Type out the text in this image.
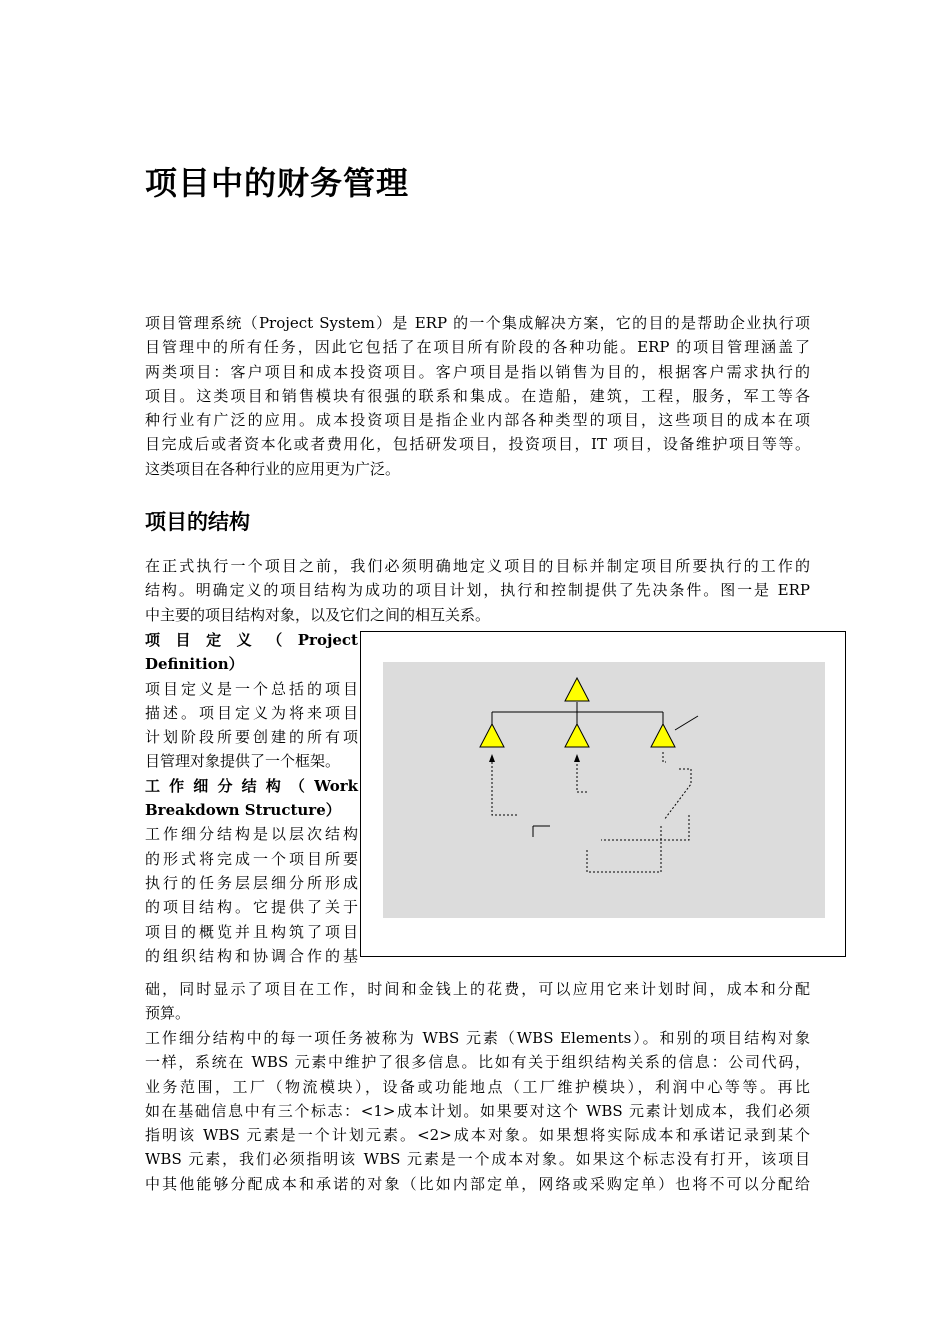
项目中的财务管理
项目管理系统（Project System）是 ERP 的一个集成解决方案，它的目的是帮助企业执行项
目管理中的所有任务，因此它包括了在项目所有阶段的各种功能。ERP 的项目管理涵盖了
两类项目：客户项目和成本投资项目。客户项目是指以销售为目的，根据客户需求执行的
项目。这类项目和销售模块有很强的联系和集成。在造船，建筑，工程，服务，军工等各
种行业有广泛的应用。成本投资项目是指企业内部各种类型的项目，这些项目的成本在项
目完成后或者资本化或者费用化，包括研发项目，投资项目，IT 项目，设备维护项目等等。
这类项目在各种行业的应用更为广泛。
项目的结构
在正式执行一个项目之前，我们必须明确地定义项目的目标并制定项目所要执行的工作的
结构。明确定义的项目结构为成功的项目计划，执行和控制提供了先决条件。图一是 ERP
中主要的项目结构对象，以及它们之间的相互关系。
项 目 定 义 （ Project
Definition）
项目定义是一个总括的项目
描述。项目定义为将来项目
计划阶段所要创建的所有项
目管理对象提供了一个框架。
工 作 细 分 结 构 （ Work
Breakdown Structure）
工作细分结构是以层次结构
的形式将完成一个项目所要
执行的任务层层细分所形成
的项目结构。它提供了关于
项目的概览并且构筑了项目
的组织结构和协调合作的基
础，同时显示了项目在工作，时间和金钱上的花费，可以应用它来计划时间，成本和分配
预算。
工作细分结构中的每一项任务被称为 WBS 元素（WBS Elements）。和别的项目结构对象
一样，系统在 WBS 元素中维护了很多信息。比如有关于组织结构关系的信息：公司代码，
业务范围，工厂（物流模块），设备或功能地点（工厂维护模块），利润中心等等。再比
如在基础信息中有三个标志：<1>成本计划。如果要对这个 WBS 元素计划成本，我们必须
指明该 WBS 元素是一个计划元素。<2>成本对象。如果想将实际成本和承诺记录到某个
WBS 元素，我们必须指明该 WBS 元素是一个成本对象。如果这个标志没有打开，该项目
中其他能够分配成本和承诺的对象（比如内部定单，网络或采购定单）也将不可以分配给
